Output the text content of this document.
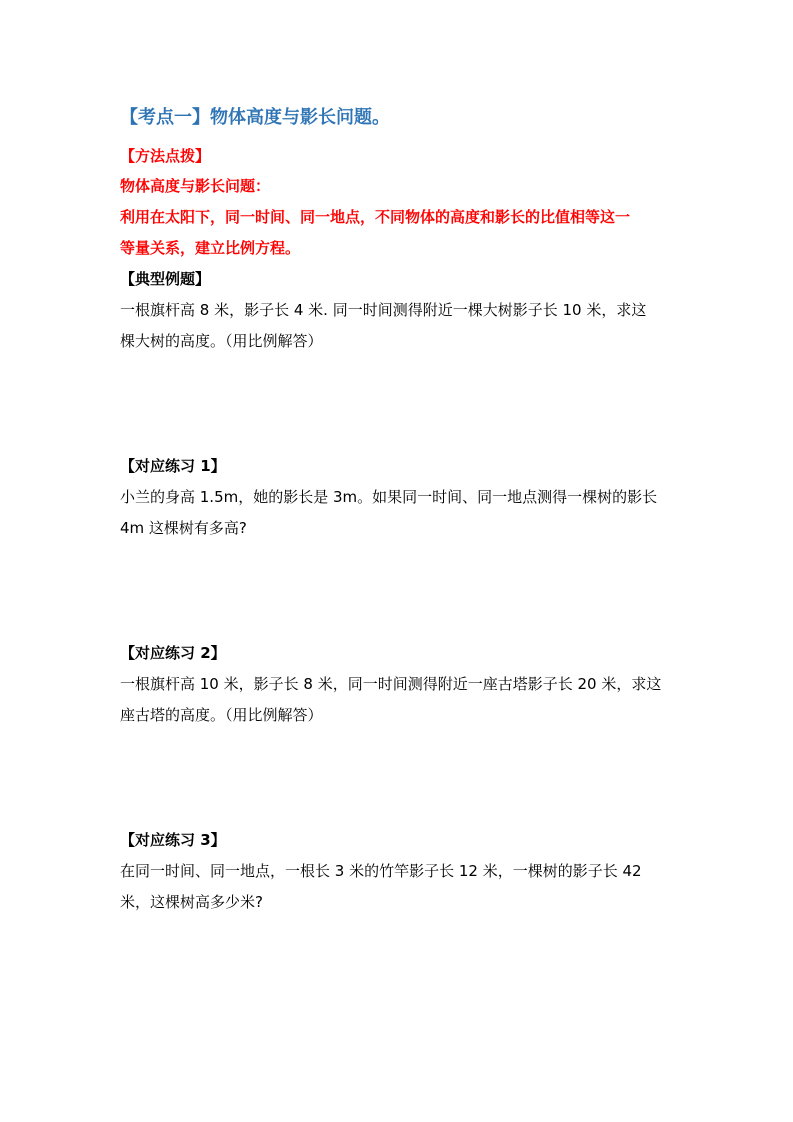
【考点一】物体高度与影长问题。
【方法点拨】
物体高度与影长问题：
利用在太阳下，同一时间、同一地点，不同物体的高度和影长的比值相等这一
等量关系，建立比例方程。
【典型例题】
一根旗杆高 8 米，影子长 4 米. 同一时间测得附近一棵大树影子长 10 米，求这
棵大树的高度。（用比例解答）
【对应练习 1】
小兰的身高 1.5m，她的影长是 3m。如果同一时间、同一地点测得一棵树的影长
4m 这棵树有多高?
【对应练习 2】
一根旗杆高 10 米，影子长 8 米，同一时间测得附近一座古塔影子长 20 米，求这
座古塔的高度。（用比例解答）
【对应练习 3】
在同一时间、同一地点，一根长 3 米的竹竿影子长 12 米，一棵树的影子长 42
米，这棵树高多少米?
